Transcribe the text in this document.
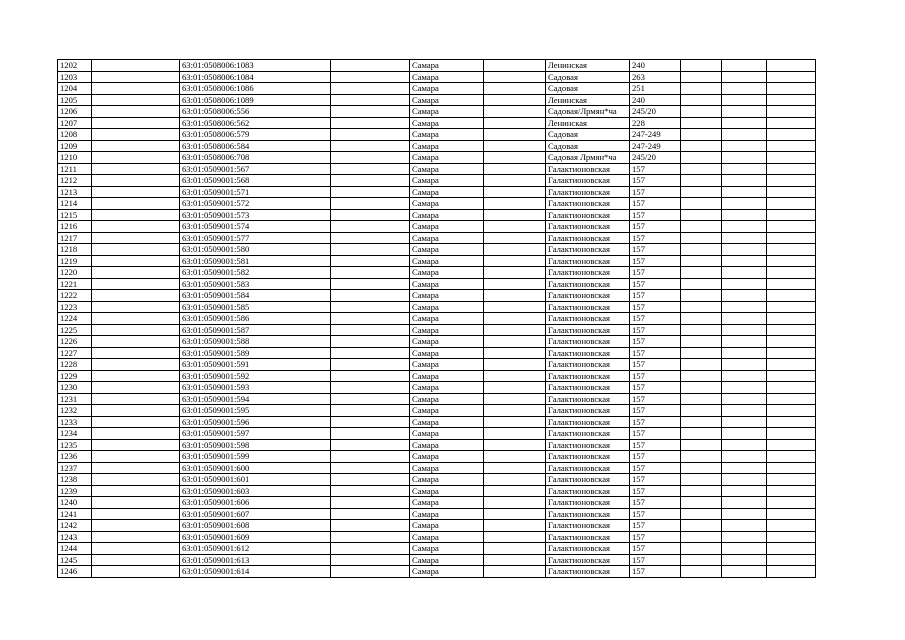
1202		63:01:0508006:1083		Самара		Ленинская	240			
1203		63:01:0508006:1084		Самара		Садовая	263			
1204		63:01:0508006:1086		Самара		Садовая	251			
1205		63:01:0508006:1089		Самара		Ленинская	240			
1206		63:01:0508006:556		Самара		Садовая/Лрмян*ча	245/20			
1207		63:01:0508006:562		Самара		Ленинская	228			
1208		63:01:0508006:579		Самара		Садовая	247-249			
1209		63:01:0508006:584		Самара		Садовая	247-249			
1210		63:01:0508006:708		Самара		Садовая Лрмян*ча	245/20			
1211		63:01:0509001:567		Самара		Галактионовская	157			
1212		63:01:0509001:568		Самара		Галактионовская	157			
1213		63:01:0509001:571		Самара		Галактионовская	157			
1214		63:01:0509001:572		Самара		Галактионовская	157			
1215		63:01:0509001:573		Самара		Галактионовская	157			
1216		63:01:0509001:574		Самара		Галактионовская	157			
1217		63:01:0509001:577		Самара		Галактионовская	157			
1218		63:01:0509001:580		Самара		Галактионовская	157			
1219		63:01:0509001:581		Самара		Галактионовская	157			
1220		63:01:0509001:582		Самара		Галактионовская	157			
1221		63:01:0509001:583		Самара		Галактионовская	157			
1222		63:01:0509001:584		Самара		Галактионовская	157			
1223		63:01:0509001:585		Самара		Галактионовская	157			
1224		63:01:0509001:586		Самара		Галактионовская	157			
1225		63:01:0509001:587		Самара		Галактионовская	157			
1226		63:01:0509001:588		Самара		Галактионовская	157			
1227		63:01:0509001:589		Самара		Галактионовская	157			
1228		63:01:0509001:591		Самара		Галактионовская	157			
1229		63:01:0509001:592		Самара		Галактионовская	157			
1230		63:01:0509001:593		Самара		Галактионовская	157			
1231		63:01:0509001:594		Самара		Галактионовская	157			
1232		63:01:0509001:595		Самара		Галактионовская	157			
1233		63:01:0509001:596		Самара		Галактионовская	157			
1234		63:01:0509001:597		Самара		Галактионовская	157			
1235		63:01:0509001:598		Самара		Галактионовская	157			
1236		63:01:0509001:599		Самара		Галактионовская	157			
1237		63:01:0509001:600		Самара		Галактионовская	157			
1238		63:01:0509001:601		Самара		Галактионовская	157			
1239		63:01:0509001:603		Самара		Галактионовская	157			
1240		63:01:0509001:606		Самара		Галактионовская	157			
1241		63:01:0509001:607		Самара		Галактионовская	157			
1242		63:01:0509001:608		Самара		Галактионовская	157			
1243		63:01:0509001:609		Самара		Галактионовская	157			
1244		63:01:0509001:612		Самара		Галактионовская	157			
1245		63:01:0509001:613		Самара		Галактионовская	157			
1246		63:01:0509001:614		Самара		Галактионовская	157			
